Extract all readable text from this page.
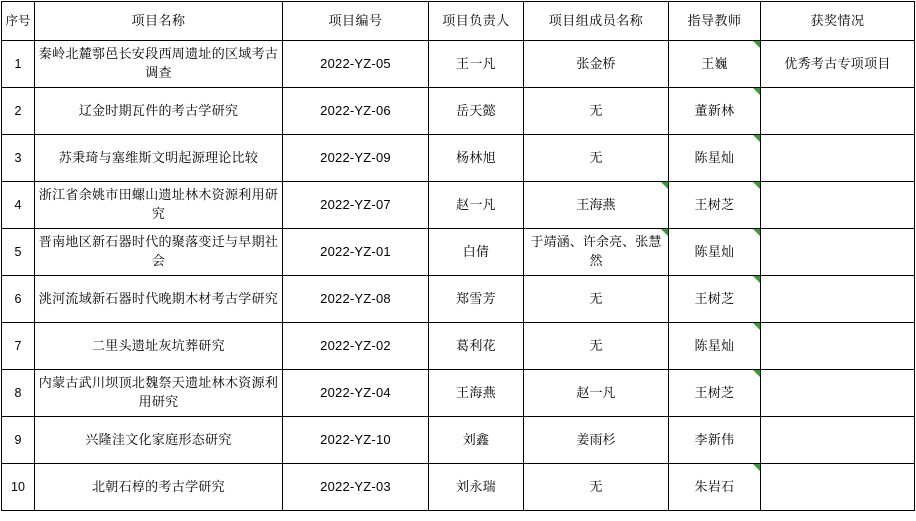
序号	项目名称	项目编号	项目负责人	项目组成员名称	指导教师	获奖情况
1	秦岭北麓鄠邑长安段西周遗址的区域考古调查	2022-YZ-05	王一凡	张金桥	王巍	优秀考古专项项目
2	辽金时期瓦件的考古学研究	2022-YZ-06	岳天懿	无	董新林	
3	苏秉琦与塞维斯文明起源理论比较	2022-YZ-09	杨林旭	无	陈星灿	
4	浙江省余姚市田螺山遗址林木资源利用研究	2022-YZ-07	赵一凡	王海燕	王树芝	
5	晋南地区新石器时代的聚落变迁与早期社会	2022-YZ-01	白倩	于靖涵、许余亮、张慧然	陈星灿	
6	洮河流域新石器时代晚期木材考古学研究	2022-YZ-08	郑雪芳	无	王树芝	
7	二里头遗址灰坑葬研究	2022-YZ-02	葛利花	无	陈星灿	
8	内蒙古武川坝顶北魏祭天遗址林木资源利用研究	2022-YZ-04	王海燕	赵一凡	王树芝	
9	兴隆洼文化家庭形态研究	2022-YZ-10	刘鑫	姜雨杉	李新伟	
10	北朝石椁的考古学研究	2022-YZ-03	刘永瑞	无	朱岩石	
